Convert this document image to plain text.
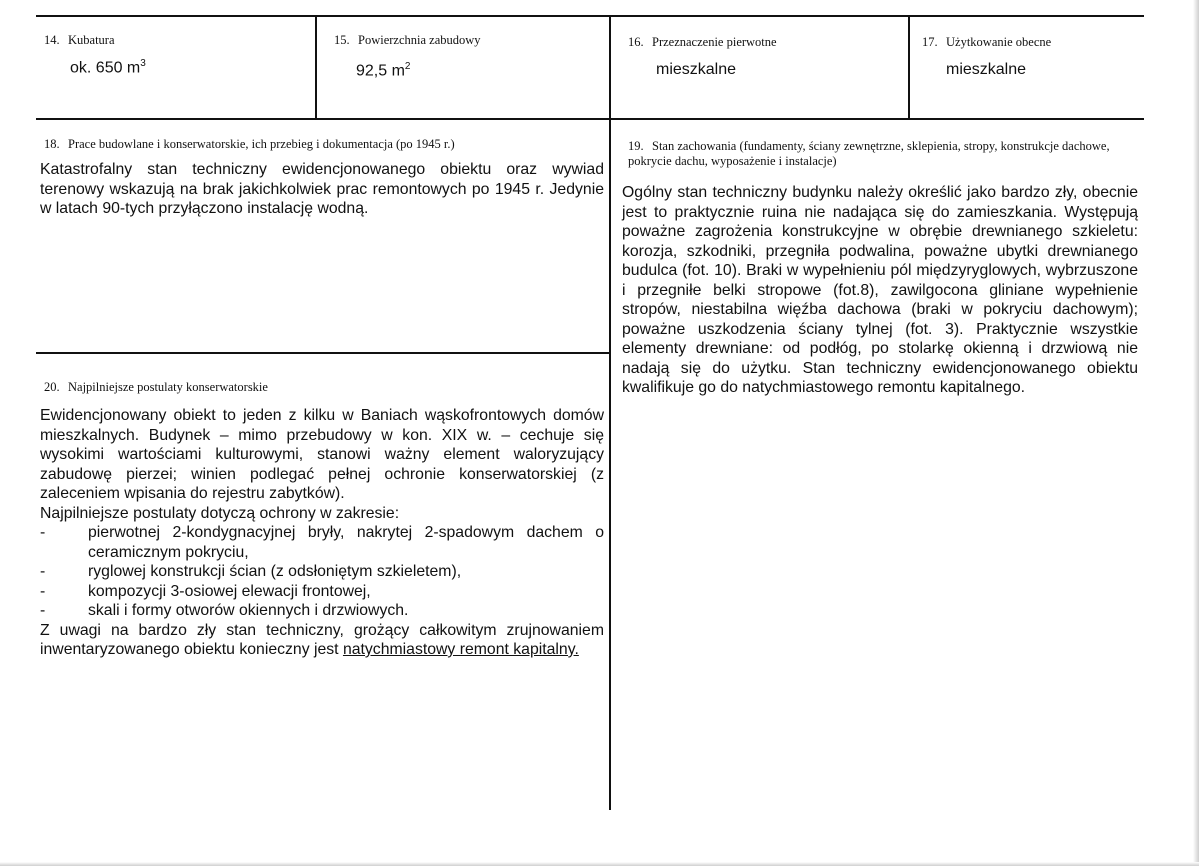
14. Kubatura
ok. 650 $m^3$
15. Powierzchnia zabudowy
92,5 $m^2$
16. Przeznaczenie pierwotne
mieszkalne
17. Użytkowanie obecne
mieszkalne
18. Prace budowlane i konserwatorskie, ich przebieg i dokumentacja (po 1945 r.)

Katastrofalny stan techniczny ewidencjonowanego obiektu oraz wywiad terenowy wskazują na brak jakichkolwiek prac remontowych po 1945 r. Jedynie w latach 90-tych przyłączono instalację wodną.

19. Stan zachowania (fundamenty, ściany zewnętrzne, sklepienia, stropy, konstrukcje dachowe, pokrycie dachu, wyposażenie i instalacje)

Ogólny stan techniczny budynku należy określić jako bardzo zły, obecnie jest to praktycznie ruina nie nadająca się do zamieszkania. Występują poważne zagrożenia konstrukcyjne w obrębie drewnianego szkieletu: korozja, szkodniki, przegniła podwalina, poważne ubytki drewnianego budulca (fot. 10). Braki w wypełnieniu pól międzyryglowych, wybrzuszone i przegniłe belki stropowe (fot.8), zawilgocona gliniane wypełnienie stropów, niestabilna więźba dachowa (braki w pokryciu dachowym); poważne uszkodzenia ściany tylnej (fot. 3). Praktycznie wszystkie elementy drewniane: od podłóg, po stolarkę okienną i drzwiową nie nadają się do użytku. Stan techniczny ewidencjonowanego obiektu kwalifikuje go do natychmiastowego remontu kapitalnego.

20. Najpilniejsze postulaty konserwatorskie

Ewidencjonowany obiekt to jeden z kilku w Baniach wąskofrontowych domów mieszkalnych. Budynek – mimo przebudowy w kon. XIX w. – cechuje się wysokimi wartościami kulturowymi, stanowi ważny element waloryzujący zabudowę pierzei; winien podlegać pełnej ochronie konserwatorskiej (z zaleceniem wpisania do rejestru zabytków).

Najpilniejsze postulaty dotyczą ochrony w zakresie:

-	pierwotnej 2-kondygnacyjnej bryły, nakrytej 2-spadowym dachem o ceramicznym pokryciu,
-	ryglowej konstrukcji ścian (z odsłoniętym szkieletem),
-	kompozycji 3-osiowej elewacji frontowej,
-	skali i formy otworów okiennych i drzwiowych.

Z uwagi na bardzo zły stan techniczny, grożący całkowitym zrujnowaniem inwentaryzowanego obiektu konieczny jest natychmiastowy remont kapitalny.
